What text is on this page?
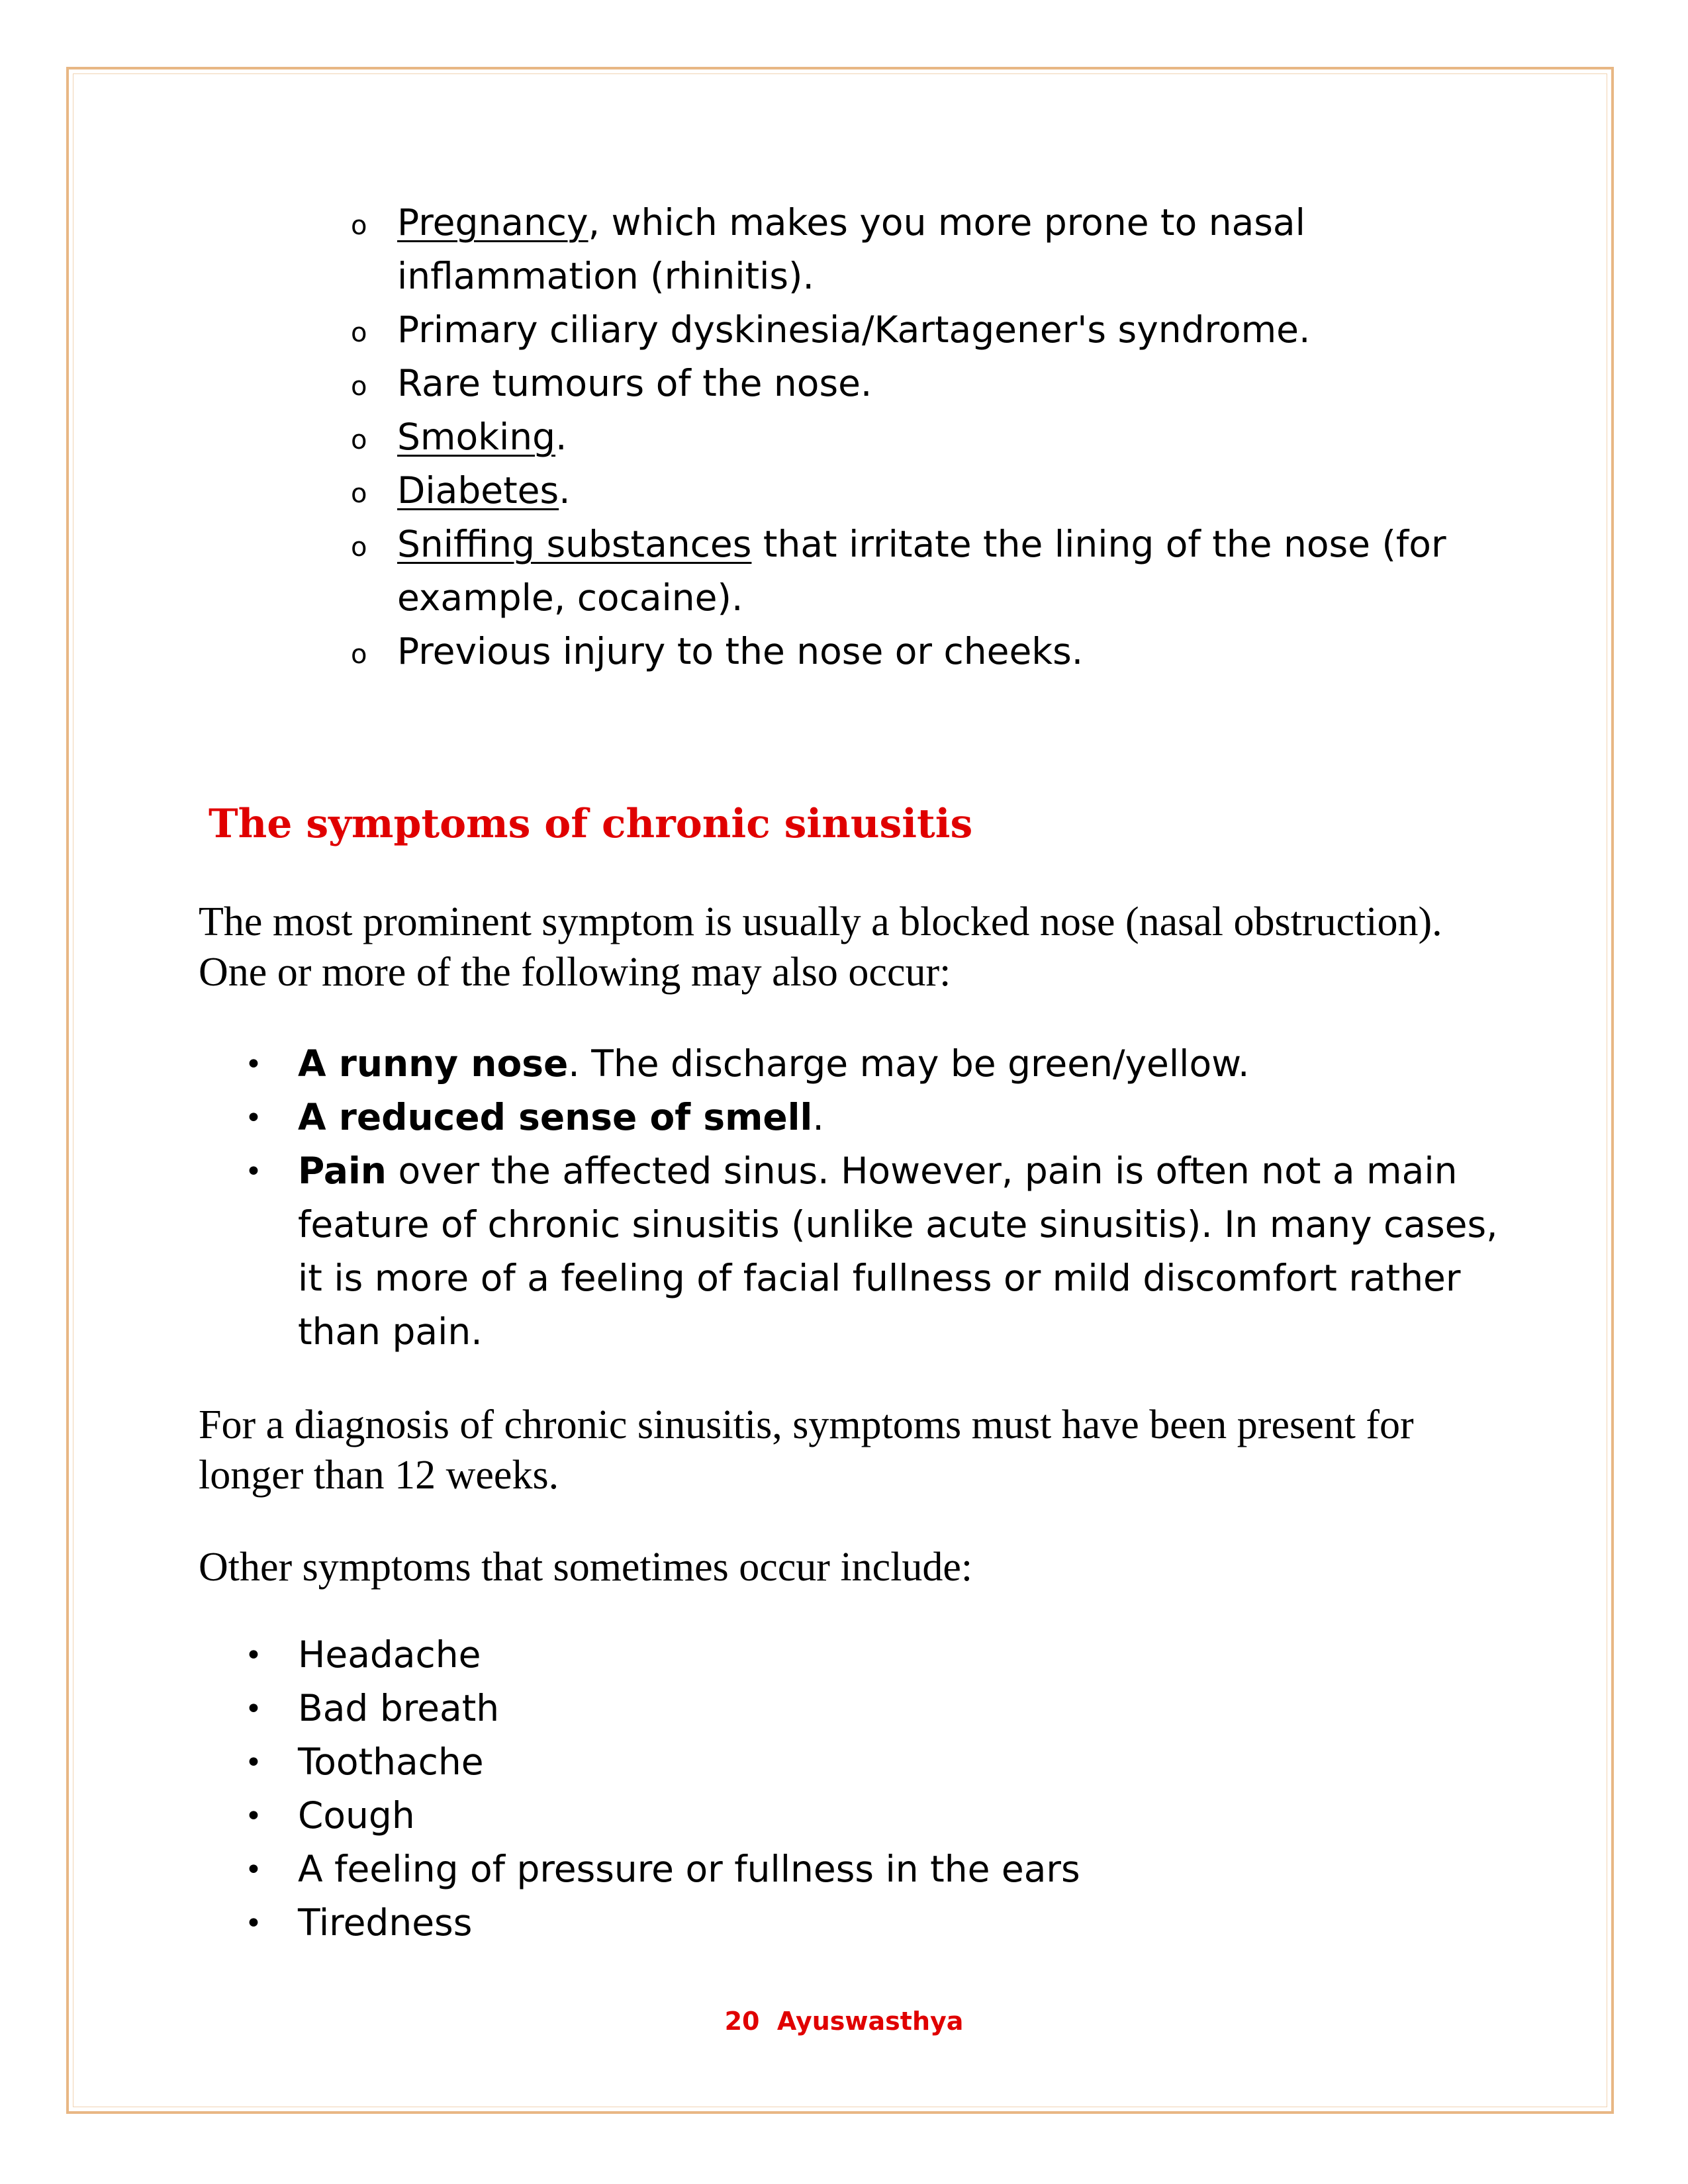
o Pregnancy, which makes you more prone to nasal inflammation (rhinitis).
o Primary ciliary dyskinesia/Kartagener's syndrome.
o Rare tumours of the nose.
o Smoking.
o Diabetes.
o Sniffing substances that irritate the lining of the nose (for example, cocaine).
o Previous injury to the nose or cheeks.
The symptoms of chronic sinusitis

The most prominent symptom is usually a blocked nose (nasal obstruction). One or more of the following may also occur:

• A runny nose. The discharge may be green/yellow.
• A reduced sense of smell.
• Pain over the affected sinus. However, pain is often not a main feature of chronic sinusitis (unlike acute sinusitis). In many cases, it is more of a feeling of facial fullness or mild discomfort rather than pain.

For a diagnosis of chronic sinusitis, symptoms must have been present for longer than 12 weeks.

Other symptoms that sometimes occur include:

• Headache
• Bad breath
• Toothache
• Cough
• A feeling of pressure or fullness in the ears
• Tiredness
20 Ayuswasthya
